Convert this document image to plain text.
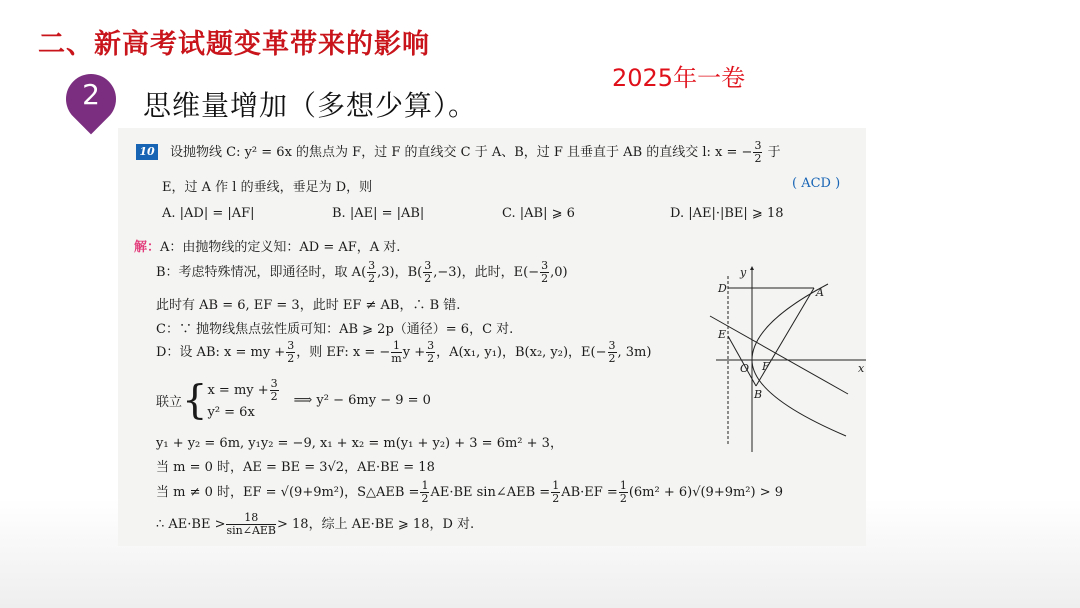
二、新高考试题变革带来的影响
2025年一卷
2	思维量增加（多想少算）。
10 设抛物线 C: y² = 6x 的焦点为 F，过 F 的直线交 C 于 A、B，过 F 且垂直于 AB 的直线交 l: x = − $\frac{3}{2}$ 于
E，过 A 作 l 的垂线，垂足为 D，则	( ACD )
A. |AD| = |AF|	B. |AE| = |AB|	C. |AB| ⩾ 6	D. |AE|·|BE| ⩾ 18
解：A：由抛物线的定义知：AD = AF，A 对.
B：考虑特殊情况，即通径时，取 $A( \frac{3}{2} ,3)$，$B( \frac{3}{2} ,-3)$，此时，$E(- \frac{3}{2} ,0)$
此时有 AB = 6, EF = 3，此时 EF ≠ AB，∴ B 错.
C：∵ 抛物线焦点弦性质可知：AB ⩾ 2p（通径）= 6，C 对.
D：设 AB: x = my + $\frac{3}{2}$ ，则 EF: x = − $\frac{1}{m}$ $y + \frac{3}{2}$ ，A(x₁, y₁)，B(x₂, y₂)，$E(- \frac{3}{2}$ , 3m)
联立{ x = my + $\frac{3}{2}$
y² = 6x
⟹ y² − 6my − 9 = 0
y₁ + y₂ = 6m, y₁y₂ = −9, x₁ + x₂ = m(y₁ + y₂) + 3 = 6m² + 3，
当 m = 0 时，AE = BE = 3√2，AE·BE = 18
当 m ≠ 0 时，EF = √(9+9m²)，S△AEB = $\frac{1}{2} AE\cdot BE$ sin∠AEB = $\frac{1}{2} AB\cdot EF = \frac{1}{2} (6m^2 + 6)√(9+9m^2) > 9$
∴ $AE\cdot BE > \frac{18}{\text{sin∠AEB}} > 18$，综上 AE·BE ⩾ 18，D 对.
y
x
O F
A
B
D
E
